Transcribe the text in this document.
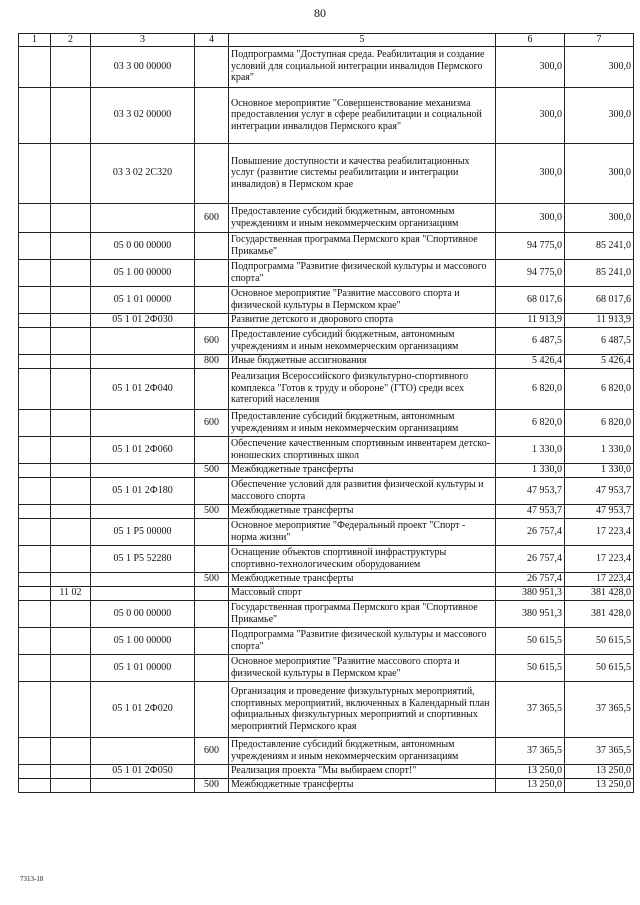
80
1	2	3	4	5	6	7
		03 3 00 00000		Подпрограмма "Доступная среда. Реабилитация и создание условий для социальной интеграции инвалидов Пермского края"	300,0	300,0
		03 3 02 00000		Основное мероприятие "Совершенствование механизма предоставления услуг в сфере реабилитации и социальной интеграции инвалидов Пермского края"	300,0	300,0
		03 3 02 2С320		Повышение доступности и качества реабилитационных услуг (развитие системы реабилитации и интеграции инвалидов) в Пермском крае	300,0	300,0
			600	Предоставление субсидий бюджетным, автономным учреждениям и иным некоммерческим организациям	300,0	300,0
		05 0 00 00000		Государственная программа Пермского края "Спортивное Прикамье"	94 775,0	85 241,0
		05 1 00 00000		Подпрограмма "Развитие физической культуры и массового спорта"	94 775,0	85 241,0
		05 1 01 00000		Основное мероприятие "Развитие массового спорта и физической культуры в Пермском крае"	68 017,6	68 017,6
		05 1 01 2Ф030		Развитие детского и дворового спорта	11 913,9	11 913,9
			600	Предоставление субсидий бюджетным, автономным учреждениям и иным некоммерческим организациям	6 487,5	6 487,5
			800	Иные бюджетные ассигнования	5 426,4	5 426,4
		05 1 01 2Ф040		Реализация Всероссийского физкультурно-спортивного комплекса "Готов к труду и обороне" (ГТО) среди всех категорий населения	6 820,0	6 820,0
			600	Предоставление субсидий бюджетным, автономным учреждениям и иным некоммерческим организациям	6 820,0	6 820,0
		05 1 01 2Ф060		Обеспечение качественным спортивным инвентарем детско-юношеских спортивных школ	1 330,0	1 330,0
			500	Межбюджетные трансферты	1 330,0	1 330,0
		05 1 01 2Ф180		Обеспечение условий для развития физической культуры и массового спорта	47 953,7	47 953,7
			500	Межбюджетные трансферты	47 953,7	47 953,7
		05 1 Р5 00000		Основное мероприятие "Федеральный проект "Спорт - норма жизни"	26 757,4	17 223,4
		05 1 Р5 52280		Оснащение объектов спортивной инфраструктуры спортивно-технологическим оборудованием	26 757,4	17 223,4
			500	Межбюджетные трансферты	26 757,4	17 223,4
	11 02			Массовый спорт	380 951,3	381 428,0
		05 0 00 00000		Государственная программа Пермского края "Спортивное Прикамье"	380 951,3	381 428,0
		05 1 00 00000		Подпрограмма "Развитие физической культуры и массового спорта"	50 615,5	50 615,5
		05 1 01 00000		Основное мероприятие "Развитие массового спорта и физической культуры в Пермском крае"	50 615,5	50 615,5
		05 1 01 2Ф020		Организация и проведение физкультурных мероприятий, спортивных мероприятий, включенных в Календарный план официальных физкультурных мероприятий и спортивных мероприятий Пермского края	37 365,5	37 365,5
			600	Предоставление субсидий бюджетным, автономным учреждениям и иным некоммерческим организациям	37 365,5	37 365,5
		05 1 01 2Ф050		Реализация проекта "Мы выбираем спорт!"	13 250,0	13 250,0
			500	Межбюджетные трансферты	13 250,0	13 250,0
7313-18
